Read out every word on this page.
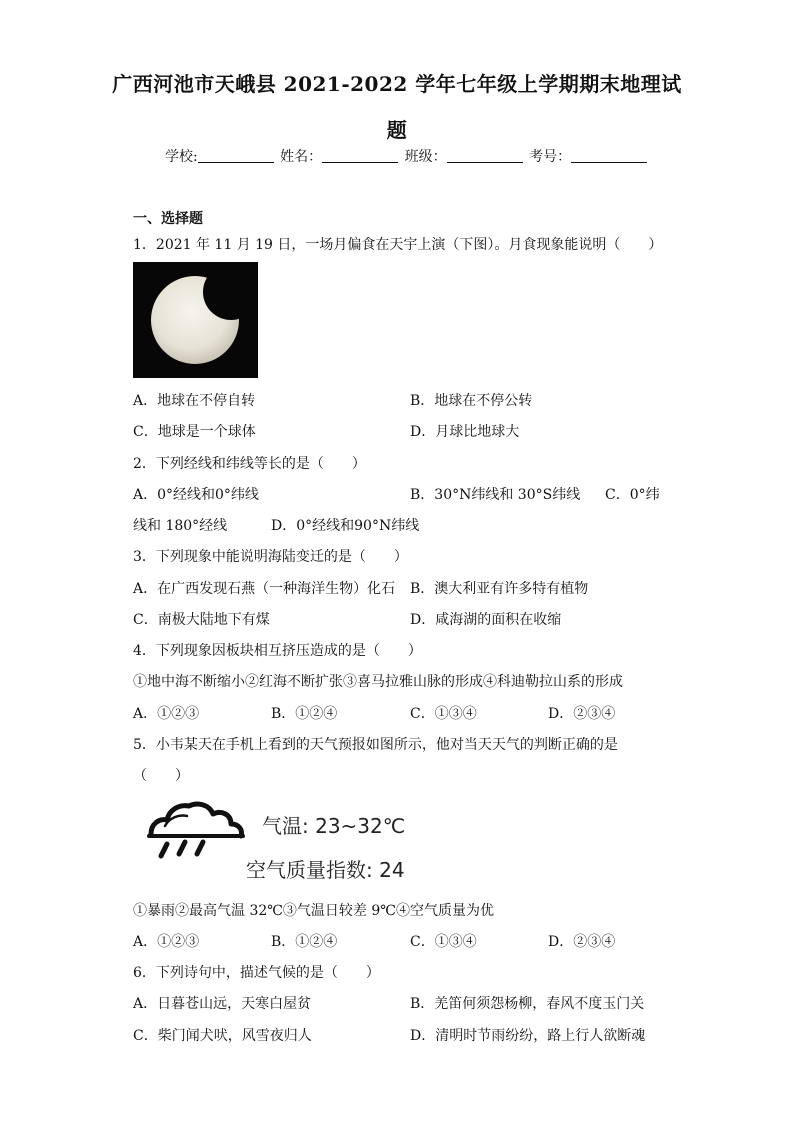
广西河池市天峨县 2021-2022 学年七年级上学期期末地理试
题
学校:	姓名：	班级：	考号：
一、选择题
1．2021 年 11 月 19 日，一场月偏食在天宇上演（下图）。月食现象能说明（　　）
A．地球在不停自转	B．地球在不停公转
C．地球是一个球体	D．月球比地球大
2．下列经线和纬线等长的是（　　）
A．0°经线和0°纬线	B．30°N纬线和 30°S纬线 C．0°纬
线和 180°经线	D．0°经线和90°N纬线
3．下列现象中能说明海陆变迁的是（　　）
A．在广西发现石燕（一种海洋生物）化石 B．澳大利亚有许多特有植物
C．南极大陆地下有煤	D．咸海湖的面积在收缩
4．下列现象因板块相互挤压造成的是（　　）
①地中海不断缩小②红海不断扩张③喜马拉雅山脉的形成④科迪勒拉山系的形成
A．①②③	B．①②④	C．①③④	D．②③④
5．小韦某天在手机上看到的天气预报如图所示，他对当天天气的判断正确的是
（　　）
气温: 23~32℃
空气质量指数: 24
①暴雨②最高气温 32℃③气温日较差 9℃④空气质量为优
A．①②③	B．①②④	C．①③④	D．②③④
6．下列诗句中，描述气候的是（　　）
A．日暮苍山远，天寒白屋贫	B．羌笛何须怨杨柳，春风不度玉门关
C．柴门闻犬吠，风雪夜归人	D．清明时节雨纷纷，路上行人欲断魂
